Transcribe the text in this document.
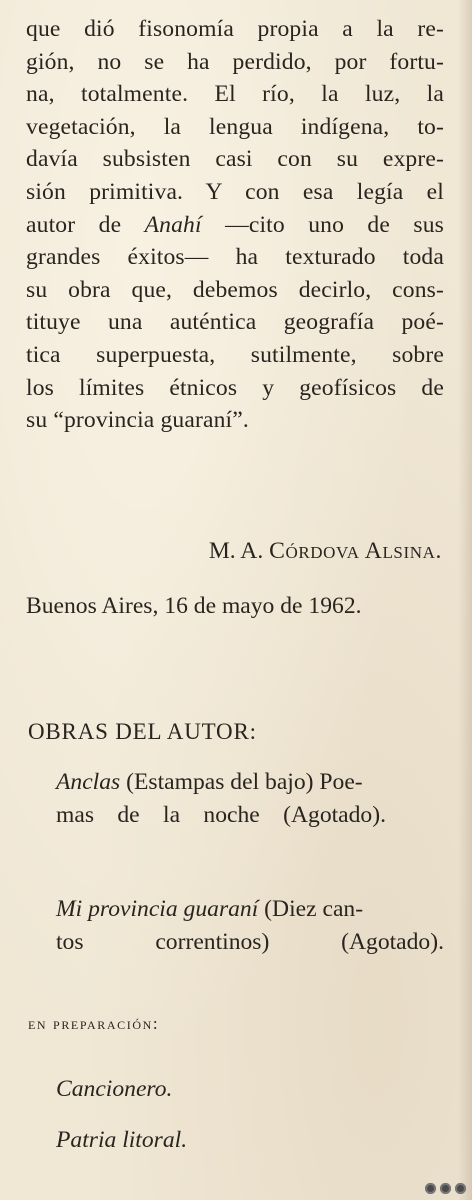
que dió fisonomía propia a la re-
gión, no se ha perdido, por fortu-
na, totalmente. El río, la luz, la
vegetación, la lengua indígena, to-
davía subsisten casi con su expre-
sión primitiva. Y con esa legía el
autor de Anahí —cito uno de sus
grandes éxitos— ha texturado toda
su obra que, debemos decirlo, cons-
tituye una auténtica geografía poé-
tica superpuesta, sutilmente, sobre
los límites étnicos y geofísicos de
su “provincia guaraní”.
M. A. Córdova Alsina.
Buenos Aires, 16 de mayo de 1962.
OBRAS DEL AUTOR:
Anclas (Estampas del bajo) Poe-
mas de la noche (Agotado).
Mi provincia guaraní (Diez can-
tos correntinos) (Agotado).
en preparación:
Cancionero.
Patria litoral.
